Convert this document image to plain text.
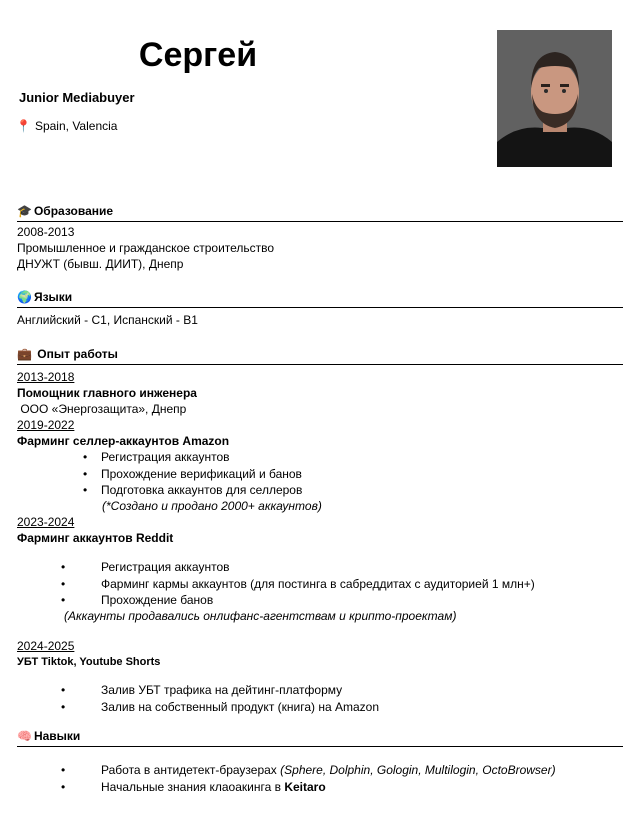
Сергей
Junior Mediabuyer
📍 Spain, Valencia
🎓 Образование
2008-2013
Промышленное и гражданское строительство
ДНУЖТ (бывш. ДИИТ), Днепр
🌍 Языки
Английский - С1, Испанский - В1
💼 Опыт работы
2013-2018
Помощник главного инженера
ООО «Энергозащита», Днепр
2019-2022
Фарминг селлер-аккаунтов Amazon
• Регистрация аккаунтов
• Прохождение верификаций и банов
• Подготовка аккаунтов для селлеров
(*Создано и продано 2000+ аккаунтов)
2023-2024
Фарминг аккаунтов Reddit
• Регистрация аккаунтов
• Фарминг кармы аккаунтов (для постинга в сабреддитах с аудиторией 1 млн+)
• Прохождение банов
(Аккаунты продавались онлифанс-агентствам и крипто-проектам)
2024-2025
УБТ Tiktok, Youtube Shorts
• Залив УБТ трафика на дейтинг-платформу
• Залив на собственный продукт (книга) на Amazon
🧠 Навыки
• Работа в антидетект-браузерах (Sphere, Dolphin, Gologin, Multilogin, OctoBrowser)
• Начальные знания клаоакинга в Keitaro
